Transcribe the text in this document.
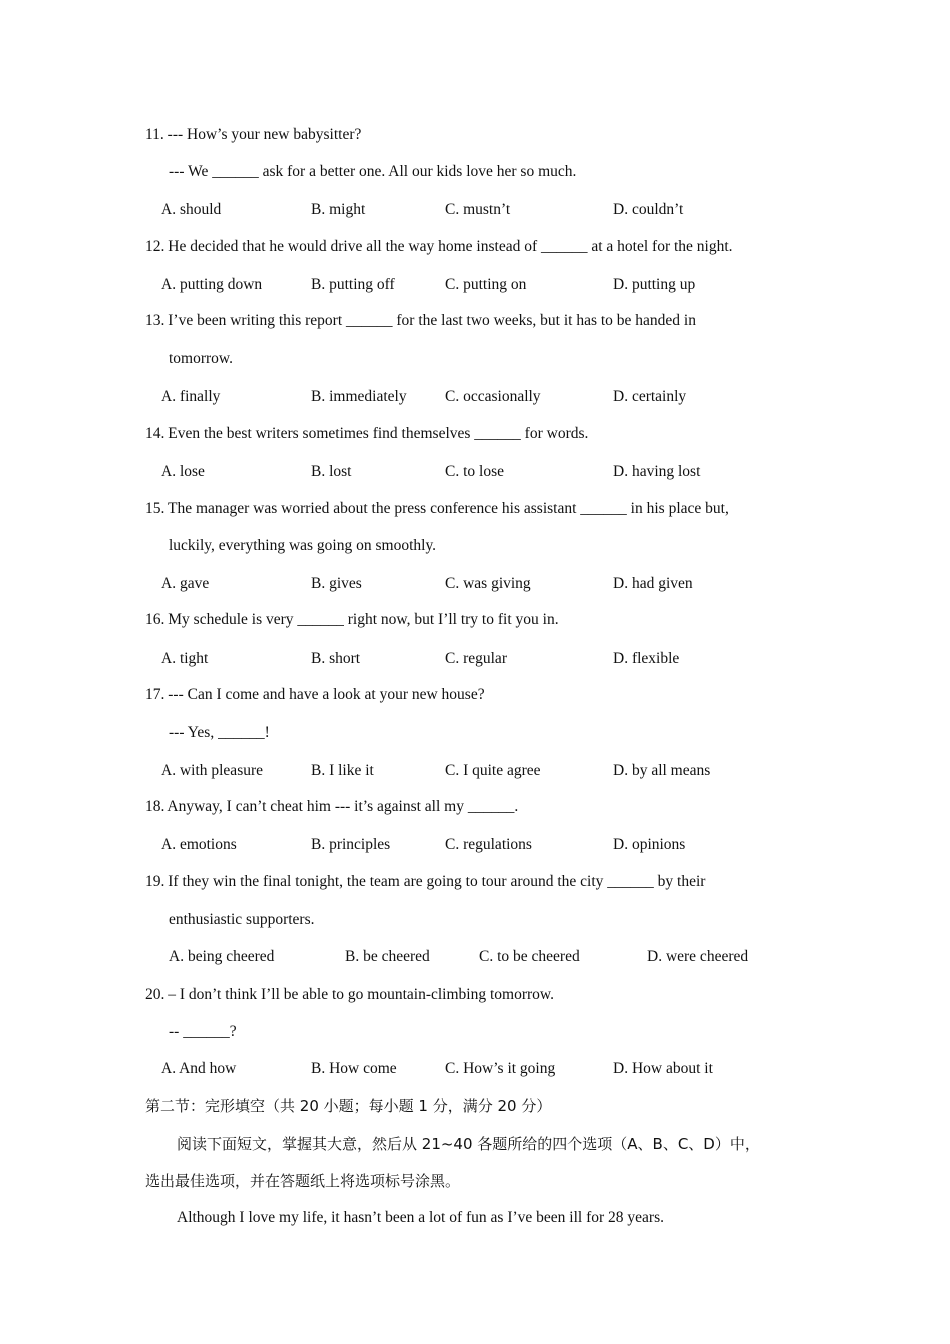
11. --- How’s your new babysitter?
--- We ______ ask for a better one. All our kids love her so much.
A. should	B. might	C. mustn’t	D. couldn’t
12. He decided that he would drive all the way home instead of ______ at a hotel for the night.
A. putting down	B. putting off	C. putting on	D. putting up
13. I’ve been writing this report ______ for the last two weeks, but it has to be handed in
tomorrow.
A. finally	B. immediately C. occasionally	D. certainly
14. Even the best writers sometimes find themselves ______ for words.
A. lose	B. lost	C. to lose	D. having lost
15. The manager was worried about the press conference his assistant ______ in his place but,
luckily, everything was going on smoothly.
A. gave	B. gives	C. was giving	D. had given
16. My schedule is very ______ right now, but I’ll try to fit you in.
A. tight	B. short	C. regular	D. flexible
17. --- Can I come and have a look at your new house?
--- Yes, ______!
A. with pleasure	B. I like it	C. I quite agree	D. by all means
18. Anyway, I can’t cheat him --- it’s against all my ______.
A. emotions	B. principles	C. regulations	D. opinions
19. If they win the final tonight, the team are going to tour around the city ______ by their
enthusiastic supporters.
A. being cheered	B. be cheered	C. to be cheered	D. were cheered
20. – I don’t think I’ll be able to go mountain-climbing tomorrow.
-- ______?
A. And how	B. How come	C. How’s it going	D. How about it
第二节：完形填空（共 20 小题；每小题 1 分，满分 20 分）
阅读下面短文，掌握其大意，然后从 21~40 各题所给的四个选项（A、B、C、D）中，
选出最佳选项，并在答题纸上将选项标号涂黑。
Although I love my life, it hasn’t been a lot of fun as I’ve been ill for 28 years.
